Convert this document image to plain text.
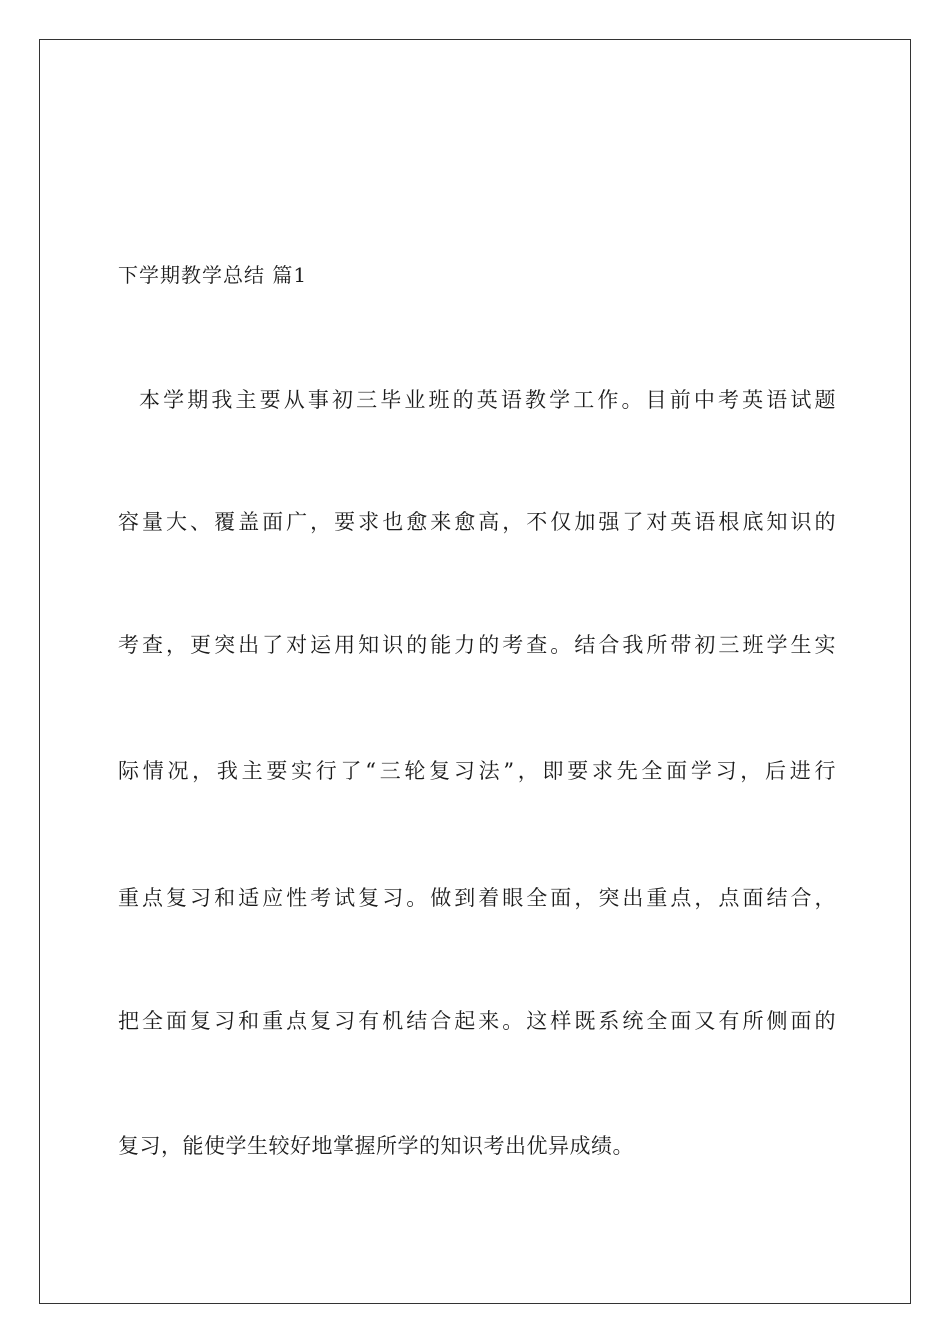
下学期教学总结 篇1
本学期我主要从事初三毕业班的英语教学工作。目前中考英语试题
容量大、覆盖面广，要求也愈来愈高，不仅加强了对英语根底知识的
考查，更突出了对运用知识的能力的考查。结合我所带初三班学生实
际情况，我主要实行了“三轮复习法”，即要求先全面学习，后进行
重点复习和适应性考试复习。做到着眼全面，突出重点，点面结合，
把全面复习和重点复习有机结合起来。这样既系统全面又有所侧面的
复习，能使学生较好地掌握所学的知识考出优异成绩。
